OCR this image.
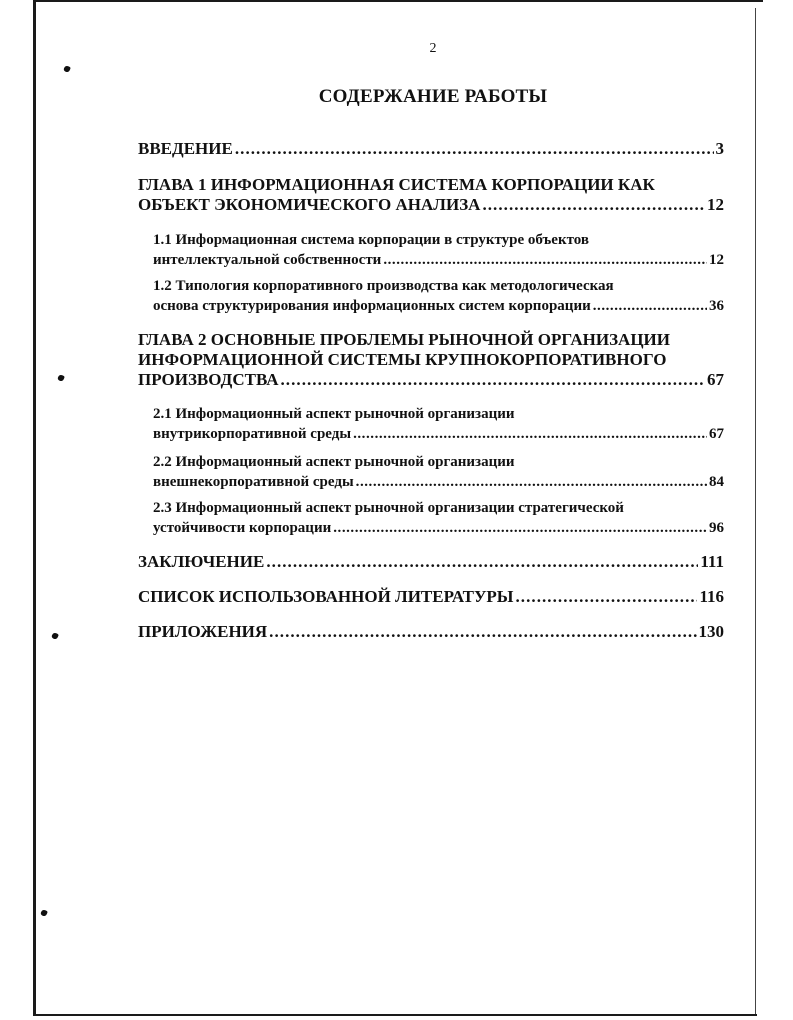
2
СОДЕРЖАНИЕ РАБОТЫ
ВВЕДЕНИЕ . . .	3
ГЛАВА 1 ИНФОРМАЦИОННАЯ СИСТЕМА КОРПОРАЦИИ КАК
ОБЪЕКТ ЭКОНОМИЧЕСКОГО АНАЛИЗА . . .	12
1.1 Информационная система корпорации в структуре объектов
интеллектуальной собственности . . .	12
1.2 Типология корпоративного производства как методологическая
основа структурирования информационных систем корпорации . . .	36
ГЛАВА 2 ОСНОВНЫЕ ПРОБЛЕМЫ РЫНОЧНОЙ ОРГАНИЗАЦИИ
ИНФОРМАЦИОННОЙ СИСТЕМЫ КРУПНОКОРПОРАТИВНОГО
ПРОИЗВОДСТВА . . .	67
2.1 Информационный аспект рыночной организации
внутрикорпоративной среды . . .	67
2.2 Информационный аспект рыночной организации
внешнекорпоративной среды . . .	84
2.3 Информационный аспект рыночной организации стратегической
устойчивости корпорации . . .	96
ЗАКЛЮЧЕНИЕ . . .	111
СПИСОК ИСПОЛЬЗОВАННОЙ ЛИТЕРАТУРЫ . . .	116
ПРИЛОЖЕНИЯ . . .	130
